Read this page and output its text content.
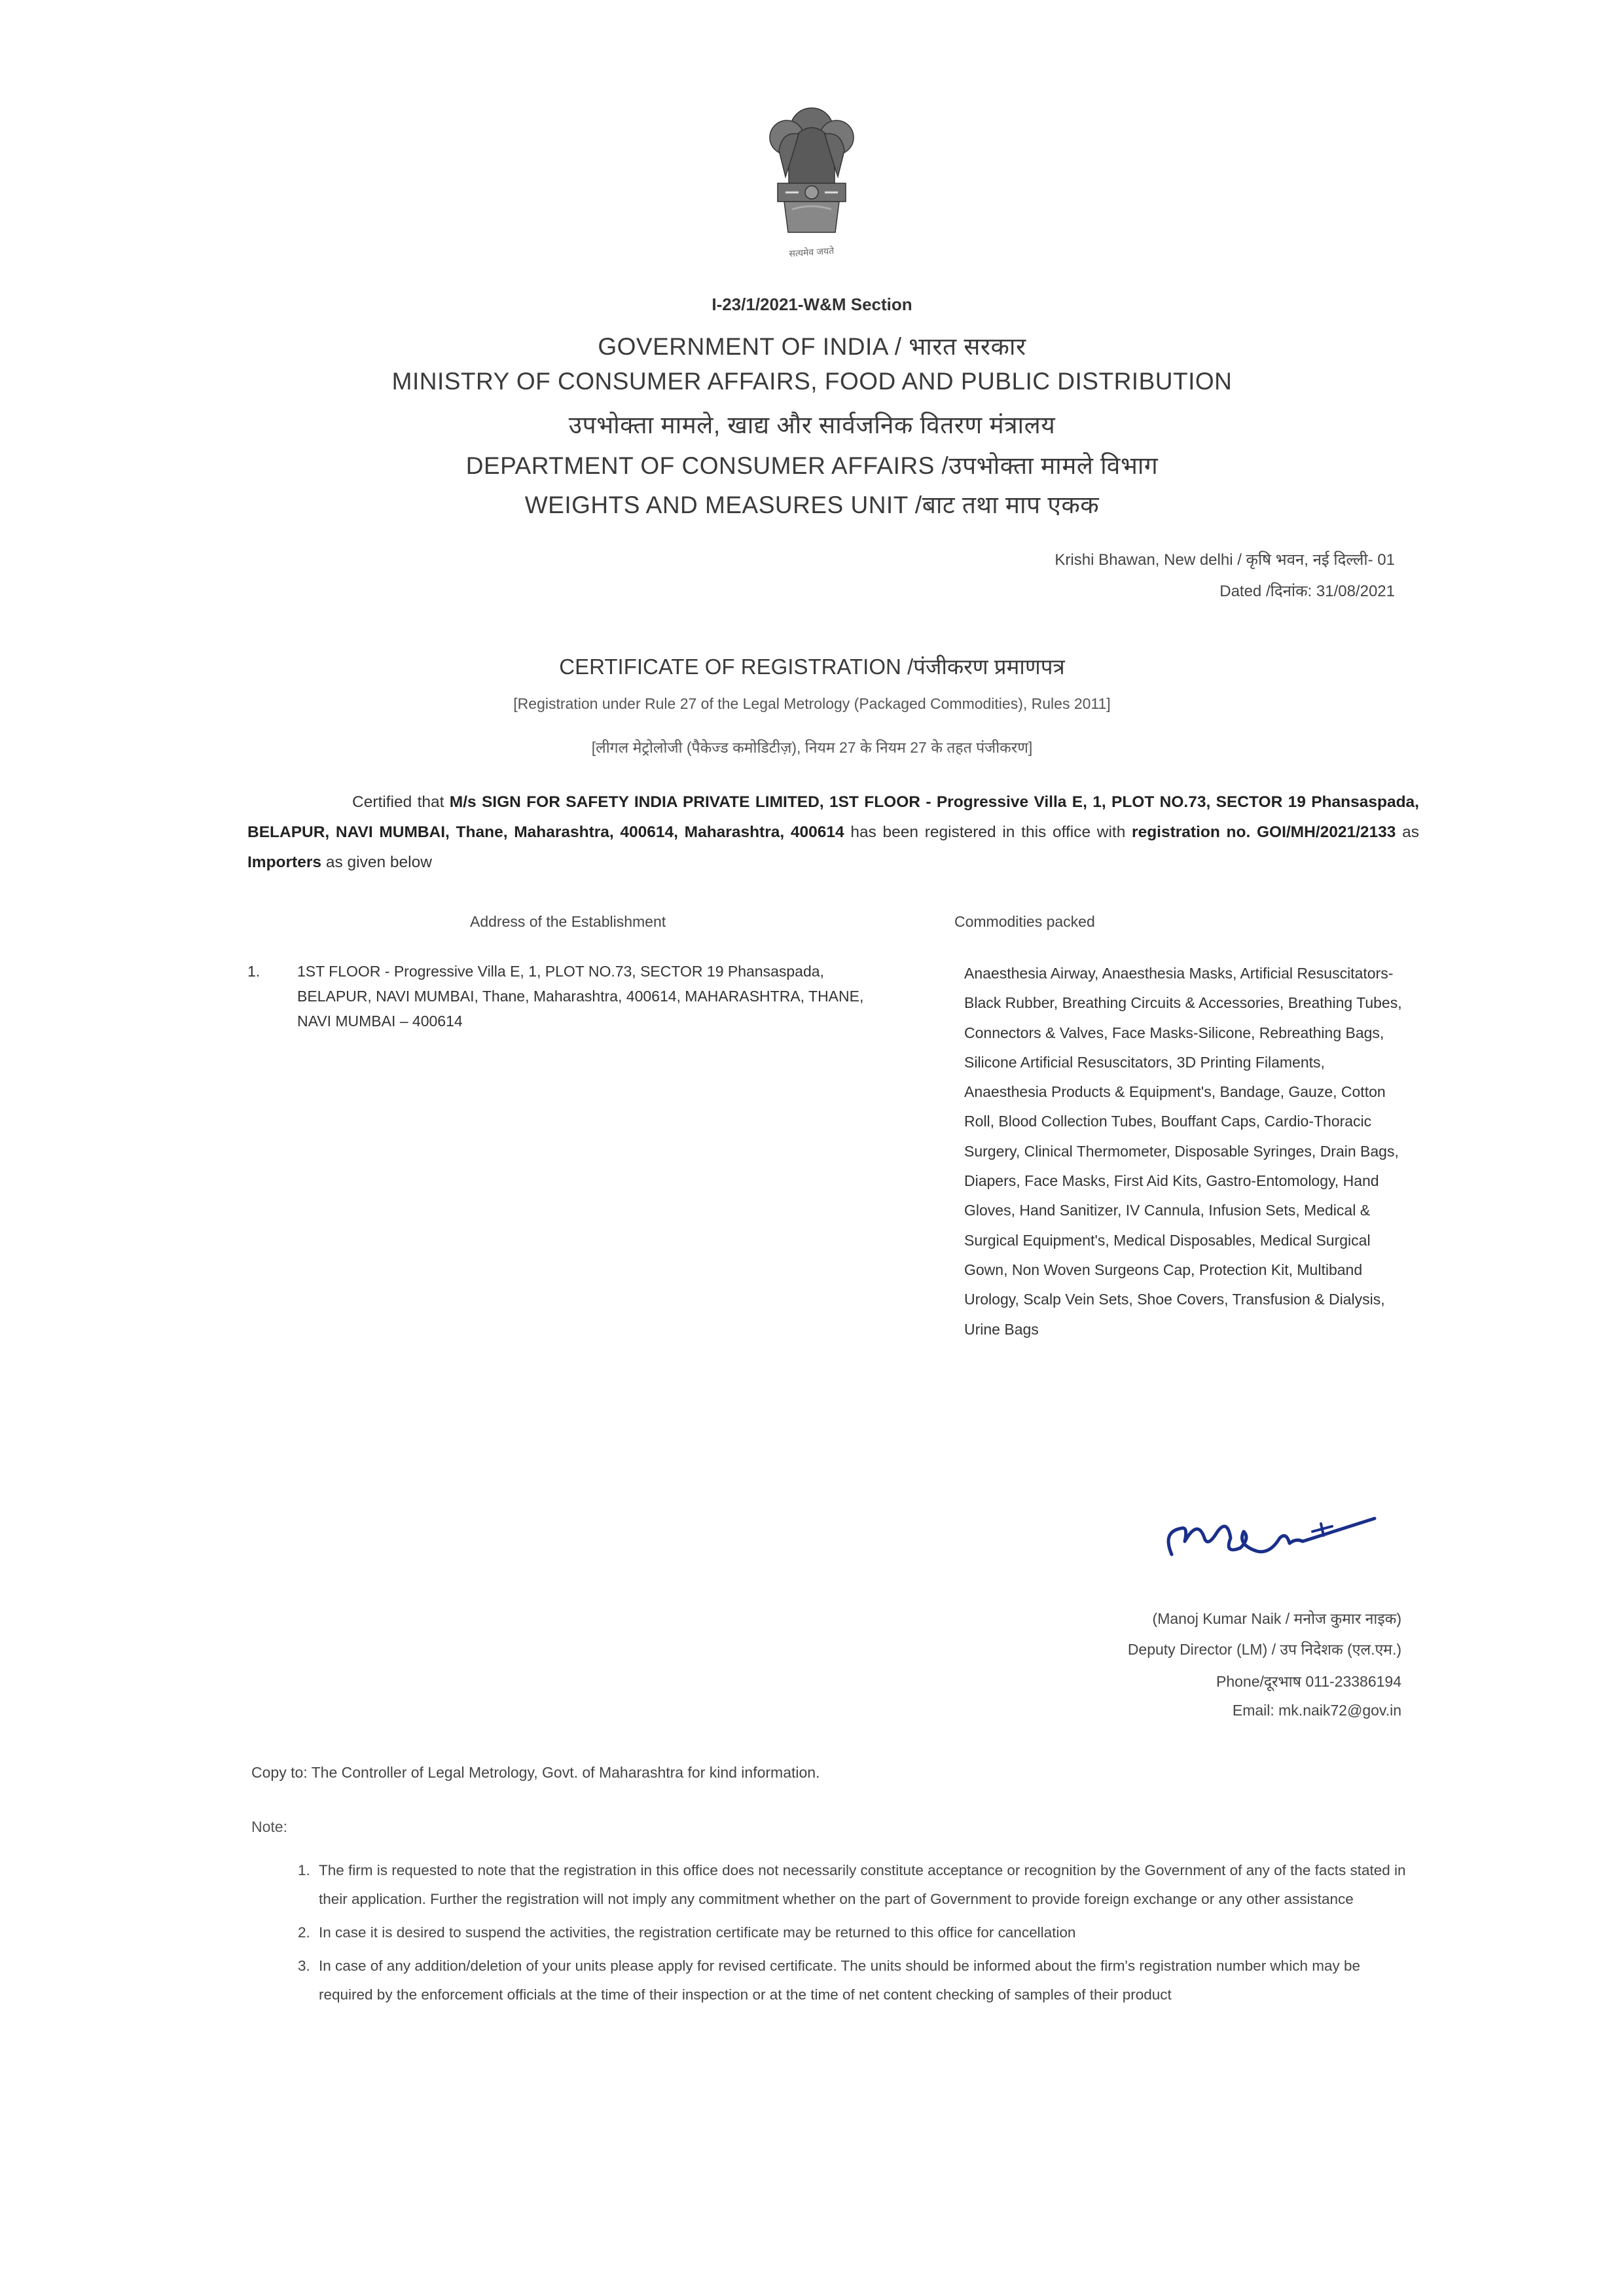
सत्यमेव जयते
I-23/1/2021-W&M Section
GOVERNMENT OF INDIA / भारत सरकार
MINISTRY OF CONSUMER AFFAIRS, FOOD AND PUBLIC DISTRIBUTION
उपभोक्ता मामले, खाद्य और सार्वजनिक वितरण मंत्रालय
DEPARTMENT OF CONSUMER AFFAIRS /उपभोक्ता मामले विभाग
WEIGHTS AND MEASURES UNIT /बाट तथा माप एकक
Krishi Bhawan, New delhi / कृषि भवन, नई दिल्ली- 01
Dated /दिनांक: 31/08/2021
CERTIFICATE OF REGISTRATION /पंजीकरण प्रमाणपत्र
[Registration under Rule 27 of the Legal Metrology (Packaged Commodities), Rules 2011]
[लीगल मेट्रोलोजी (पैकेज्ड कमोडिटीज़), नियम 27 के नियम 27 के तहत पंजीकरण]
Certified that M/s SIGN FOR SAFETY INDIA PRIVATE LIMITED, 1ST FLOOR - Progressive Villa E, 1, PLOT NO.73, SECTOR 19 Phansaspada, BELAPUR, NAVI MUMBAI, Thane, Maharashtra, 400614, Maharashtra, 400614 has been registered in this office with registration no. GOI/MH/2021/2133 as Importers as given below
Address of the Establishment	Commodities packed
1. 1ST FLOOR - Progressive Villa E, 1, PLOT NO.73, SECTOR 19 Phansaspada, BELAPUR, NAVI MUMBAI, Thane, Maharashtra, 400614, MAHARASHTRA, THANE, NAVI MUMBAI – 400614
Anaesthesia Airway, Anaesthesia Masks, Artificial Resuscitators-Black Rubber, Breathing Circuits & Accessories, Breathing Tubes, Connectors & Valves, Face Masks-Silicone, Rebreathing Bags, Silicone Artificial Resuscitators, 3D Printing Filaments, Anaesthesia Products & Equipment's, Bandage, Gauze, Cotton Roll, Blood Collection Tubes, Bouffant Caps, Cardio-Thoracic Surgery, Clinical Thermometer, Disposable Syringes, Drain Bags, Diapers, Face Masks, First Aid Kits, Gastro-Entomology, Hand Gloves, Hand Sanitizer, IV Cannula, Infusion Sets, Medical & Surgical Equipment's, Medical Disposables, Medical Surgical Gown, Non Woven Surgeons Cap, Protection Kit, Multiband Urology, Scalp Vein Sets, Shoe Covers, Transfusion & Dialysis, Urine Bags
(Manoj Kumar Naik / मनोज कुमार नाइक)
Deputy Director (LM) / उप निदेशक (एल.एम.)
Phone/दूरभाष 011-23386194
Email: mk.naik72@gov.in
Copy to: The Controller of Legal Metrology, Govt. of Maharashtra for kind information.
Note:
1. The firm is requested to note that the registration in this office does not necessarily constitute acceptance or recognition by the Government of any of the facts stated in their application. Further the registration will not imply any commitment whether on the part of Government to provide foreign exchange or any other assistance
2. In case it is desired to suspend the activities, the registration certificate may be returned to this office for cancellation
3. In case of any addition/deletion of your units please apply for revised certificate. The units should be informed about the firm's registration number which may be required by the enforcement officials at the time of their inspection or at the time of net content checking of samples of their product
